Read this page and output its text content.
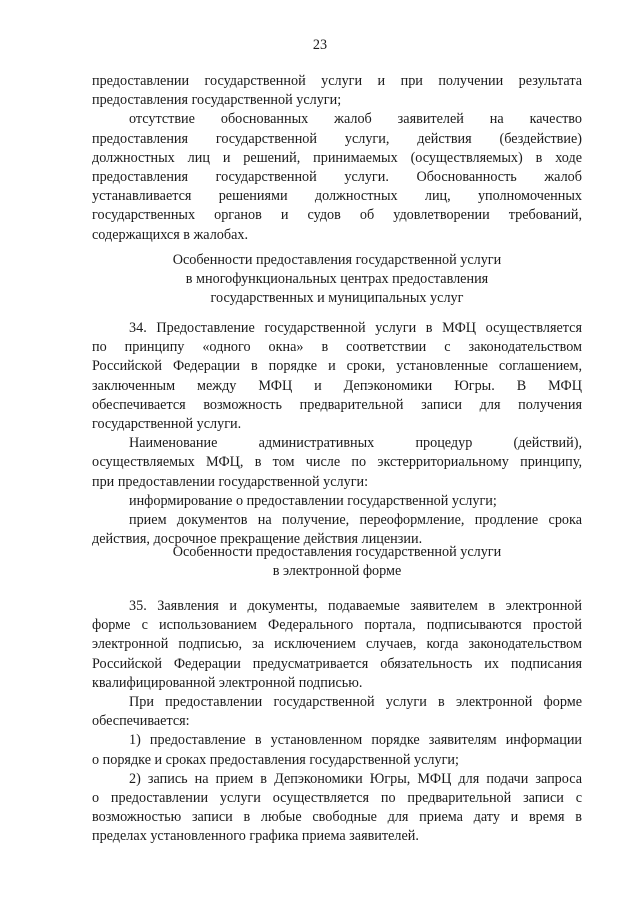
23
предоставлении государственной услуги и при получении результата
предоставления государственной услуги;
отсутствие обоснованных жалоб заявителей на качество
предоставления государственной услуги, действия (бездействие)
должностных лиц и решений, принимаемых (осуществляемых) в ходе
предоставления государственной услуги. Обоснованность жалоб
устанавливается решениями должностных лиц, уполномоченных
государственных органов и судов об удовлетворении требований,
содержащихся в жалобах.
Особенности предоставления государственной услуги
в многофункциональных центрах предоставления
государственных и муниципальных услуг
34. Предоставление государственной услуги в МФЦ осуществляется
по принципу «одного окна» в соответствии с законодательством
Российской Федерации в порядке и сроки, установленные соглашением,
заключенным между МФЦ и Депэкономики Югры. В МФЦ
обеспечивается возможность предварительной записи для получения
государственной услуги.
Наименование административных процедур (действий),
осуществляемых МФЦ, в том числе по экстерриториальному принципу,
при предоставлении государственной услуги:
информирование о предоставлении государственной услуги;
прием документов на получение, переоформление, продление срока
действия, досрочное прекращение действия лицензии.
Особенности предоставления государственной услуги
в электронной форме
35. Заявления и документы, подаваемые заявителем в электронной
форме с использованием Федерального портала, подписываются простой
электронной подписью, за исключением случаев, когда законодательством
Российской Федерации предусматривается обязательность их подписания
квалифицированной электронной подписью.
При предоставлении государственной услуги в электронной форме
обеспечивается:
1) предоставление в установленном порядке заявителям информации
о порядке и сроках предоставления государственной услуги;
2) запись на прием в Депэкономики Югры, МФЦ для подачи запроса
о предоставлении услуги осуществляется по предварительной записи с
возможностью записи в любые свободные для приема дату и время в
пределах установленного графика приема заявителей.
